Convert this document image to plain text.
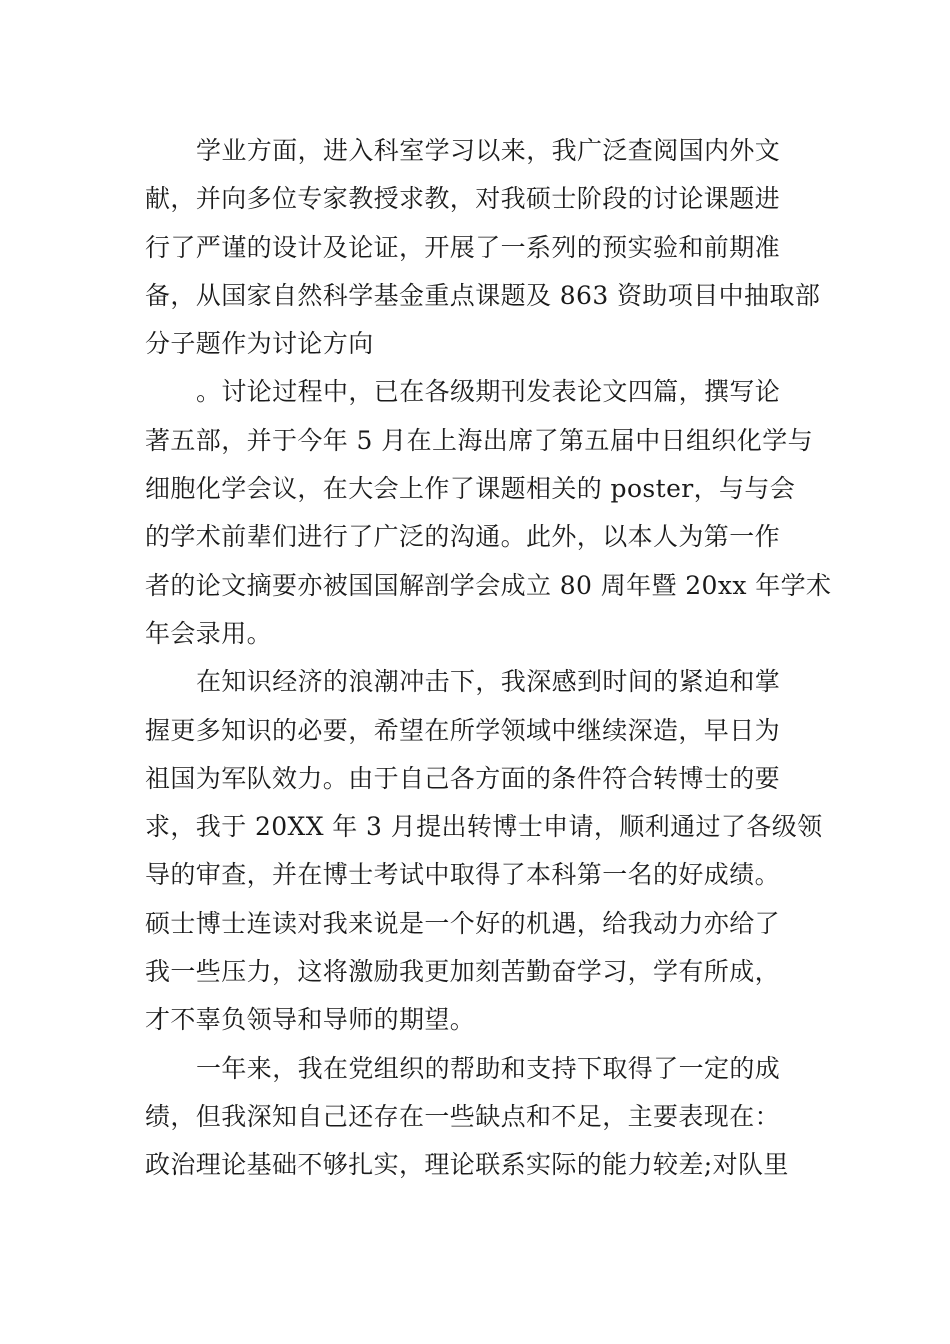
学业方面，进入科室学习以来，我广泛查阅国内外文
献，并向多位专家教授求教，对我硕士阶段的讨论课题进
行了严谨的设计及论证，开展了一系列的预实验和前期准
备，从国家自然科学基金重点课题及 863 资助项目中抽取部
分子题作为讨论方向
。讨论过程中，已在各级期刊发表论文四篇，撰写论
著五部，并于今年 5 月在上海出席了第五届中日组织化学与
细胞化学会议，在大会上作了课题相关的 poster，与与会
的学术前辈们进行了广泛的沟通。此外，以本人为第一作
者的论文摘要亦被国国解剖学会成立 80 周年暨 20xx 年学术
年会录用。
在知识经济的浪潮冲击下，我深感到时间的紧迫和掌
握更多知识的必要，希望在所学领域中继续深造，早日为
祖国为军队效力。由于自己各方面的条件符合转博士的要
求，我于 20XX 年 3 月提出转博士申请，顺利通过了各级领
导的审查，并在博士考试中取得了本科第一名的好成绩。
硕士博士连读对我来说是一个好的机遇，给我动力亦给了
我一些压力，这将激励我更加刻苦勤奋学习，学有所成，
才不辜负领导和导师的期望。
一年来，我在党组织的帮助和支持下取得了一定的成
绩，但我深知自己还存在一些缺点和不足，主要表现在：
政治理论基础不够扎实，理论联系实际的能力较差;对队里
